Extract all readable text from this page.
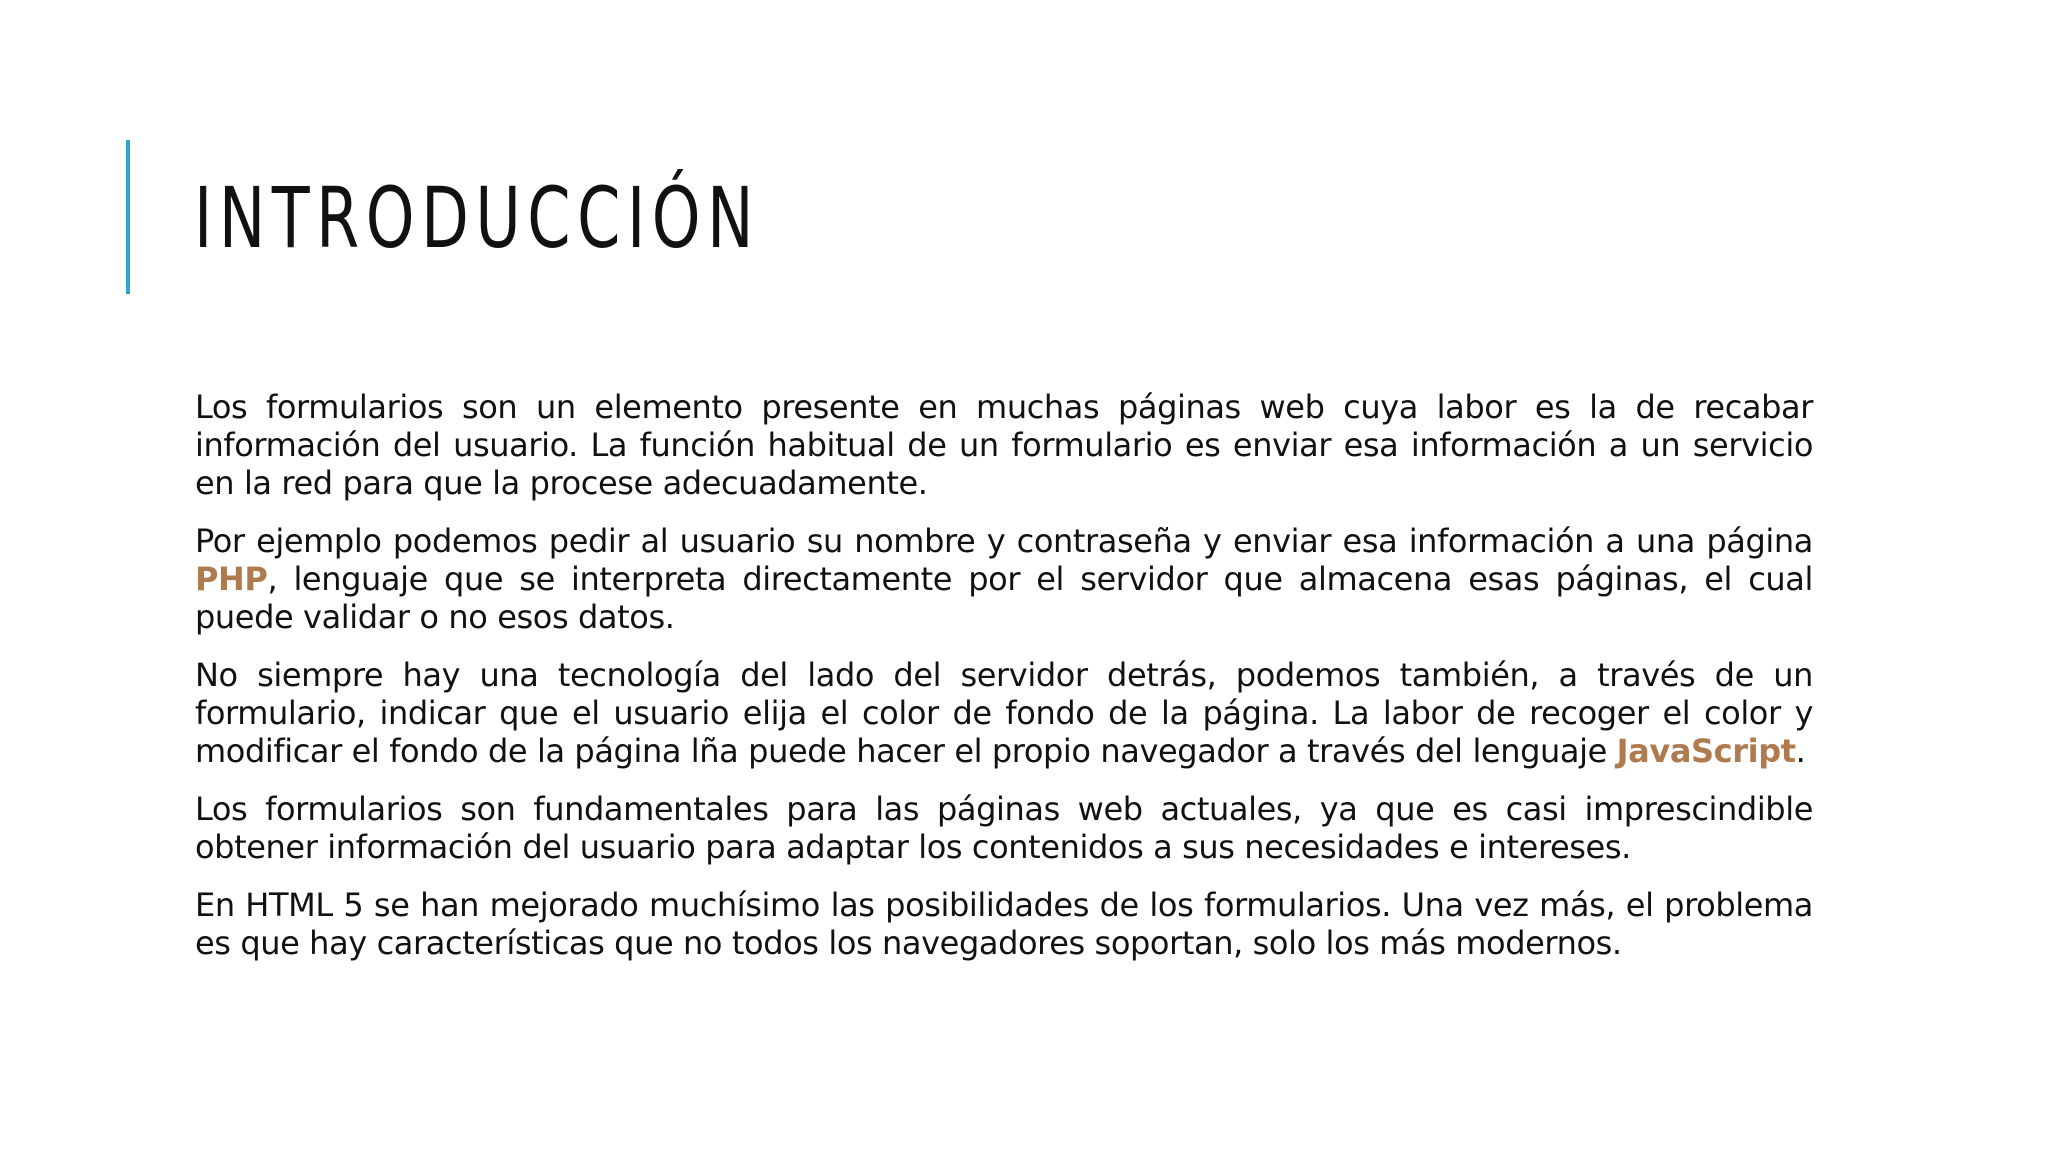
INTRODUCCIÓN

Los formularios son un elemento presente en muchas páginas web cuya labor es la de recabar información del usuario. La función habitual de un formulario es enviar esa información a un servicio en la red para que la procese adecuadamente.

Por ejemplo podemos pedir al usuario su nombre y contraseña y enviar esa información a una página PHP, lenguaje que se interpreta directamente por el servidor que almacena esas páginas, el cual puede validar o no esos datos.

No siempre hay una tecnología del lado del servidor detrás, podemos también, a través de un formulario, indicar que el usuario elija el color de fondo de la página. La labor de recoger el color y modificar el fondo de la página lña puede hacer el propio navegador a través del lenguaje JavaScript.

Los formularios son fundamentales para las páginas web actuales, ya que es casi imprescindible obtener información del usuario para adaptar los contenidos a sus necesidades e intereses.

En HTML 5 se han mejorado muchísimo las posibilidades de los formularios. Una vez más, el problema es que hay características que no todos los navegadores soportan, solo los más modernos.
